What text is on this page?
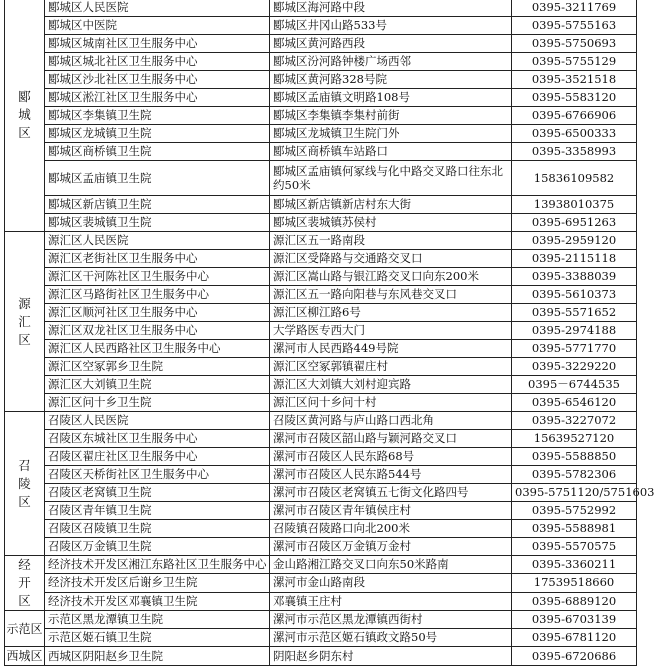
郾城区	郾城区人民医院	郾城区海河路中段	0395-3211769
	郾城区中医院	郾城区井冈山路533号	0395-5755163
	郾城区城南社区卫生服务中心	郾城区黄河路西段	0395-5750693
	郾城区城北社区卫生服务中心	郾城区汾河路钟楼广场西邻	0395-5755129
	郾城区沙北社区卫生服务中心	郾城区黄河路328号院	0395-3521518
	郾城区淞江社区卫生服务中心	郾城区孟庙镇文明路108号	0395-5583120
	郾城区李集镇卫生院	郾城区李集镇李集村前街	0395-6766906
	郾城区龙城镇卫生院	郾城区龙城镇卫生院门外	0395-6500333
	郾城区商桥镇卫生院	郾城区商桥镇车站路口	0395-3358993
	郾城区孟庙镇卫生院	郾城区孟庙镇何冢线与化中路交叉路口往东北约50米	15836109582
	郾城区新店镇卫生院	郾城区新店镇新店村东大街	13938010375
	郾城区裴城镇卫生院	郾城区裴城镇苏侯村	0395-6951263
源汇区	源汇区人民医院	源汇区五一路南段	0395-2959120
	源汇区老街社区卫生服务中心	源汇区受降路与交通路交叉口	0395-2115118
	源汇区干河陈社区卫生服务中心	源汇区嵩山路与银江路交叉口向东200米	0395-3388039
	源汇区马路街社区卫生服务中心	源汇区五一路向阳巷与东风巷交叉口	0395-5610373
	源汇区顺河社区卫生服务中心	源汇区柳江路6号	0395-5571652
	源汇区双龙社区卫生服务中心	大学路医专西大门	0395-2974188
	源汇区人民西路社区卫生服务中心	漯河市人民西路449号院	0395-5771770
	源汇区空冢郭乡卫生院	源汇区空冢郭镇翟庄村	0395-3229220
	源汇区大刘镇卫生院	源汇区大刘镇大刘村迎宾路	0395－6744535
	源汇区问十乡卫生院	源汇区问十乡问十村	0395-6546120
召陵区	召陵区人民医院	召陵区黄河路与庐山路口西北角	0395-3227072
	召陵区东城社区卫生服务中心	漯河市召陵区韶山路与颖河路交叉口	15639527120
	召陵区翟庄社区卫生服务中心	漯河市召陵区人民东路68号	0395-5588850
	召陵区天桥街社区卫生服务中心	漯河市召陵区人民东路544号	0395-5782306
	召陵区老窝镇卫生院	漯河市召陵区老窝镇五七街文化路四号	0395-5751120/5751603
	召陵区青年镇卫生院	漯河市召陵区青年镇侯庄村	0395-5752992
	召陵区召陵镇卫生院	召陵镇召陵路口向北200米	0395-5588981
	召陵区万金镇卫生院	漯河市召陵区万金镇万金村	0395-5570575
经开区	经济技术开发区湘江东路社区卫生服务中心	金山路湘江路交叉口向东50米路南	0395-3360211
	经济技术开发区后谢乡卫生院	漯河市金山路南段	17539518660
	经济技术开发区邓襄镇卫生院	邓襄镇王庄村	0395-6889120
示范区	示范区黑龙潭镇卫生院	漯河市示范区黑龙潭镇西街村	0395-6703139
	示范区姬石镇卫生院	漯河市示范区姬石镇政文路50号	0395-6781120
西城区	西城区阴阳赵乡卫生院	阴阳赵乡阴东村	0395-6720686
